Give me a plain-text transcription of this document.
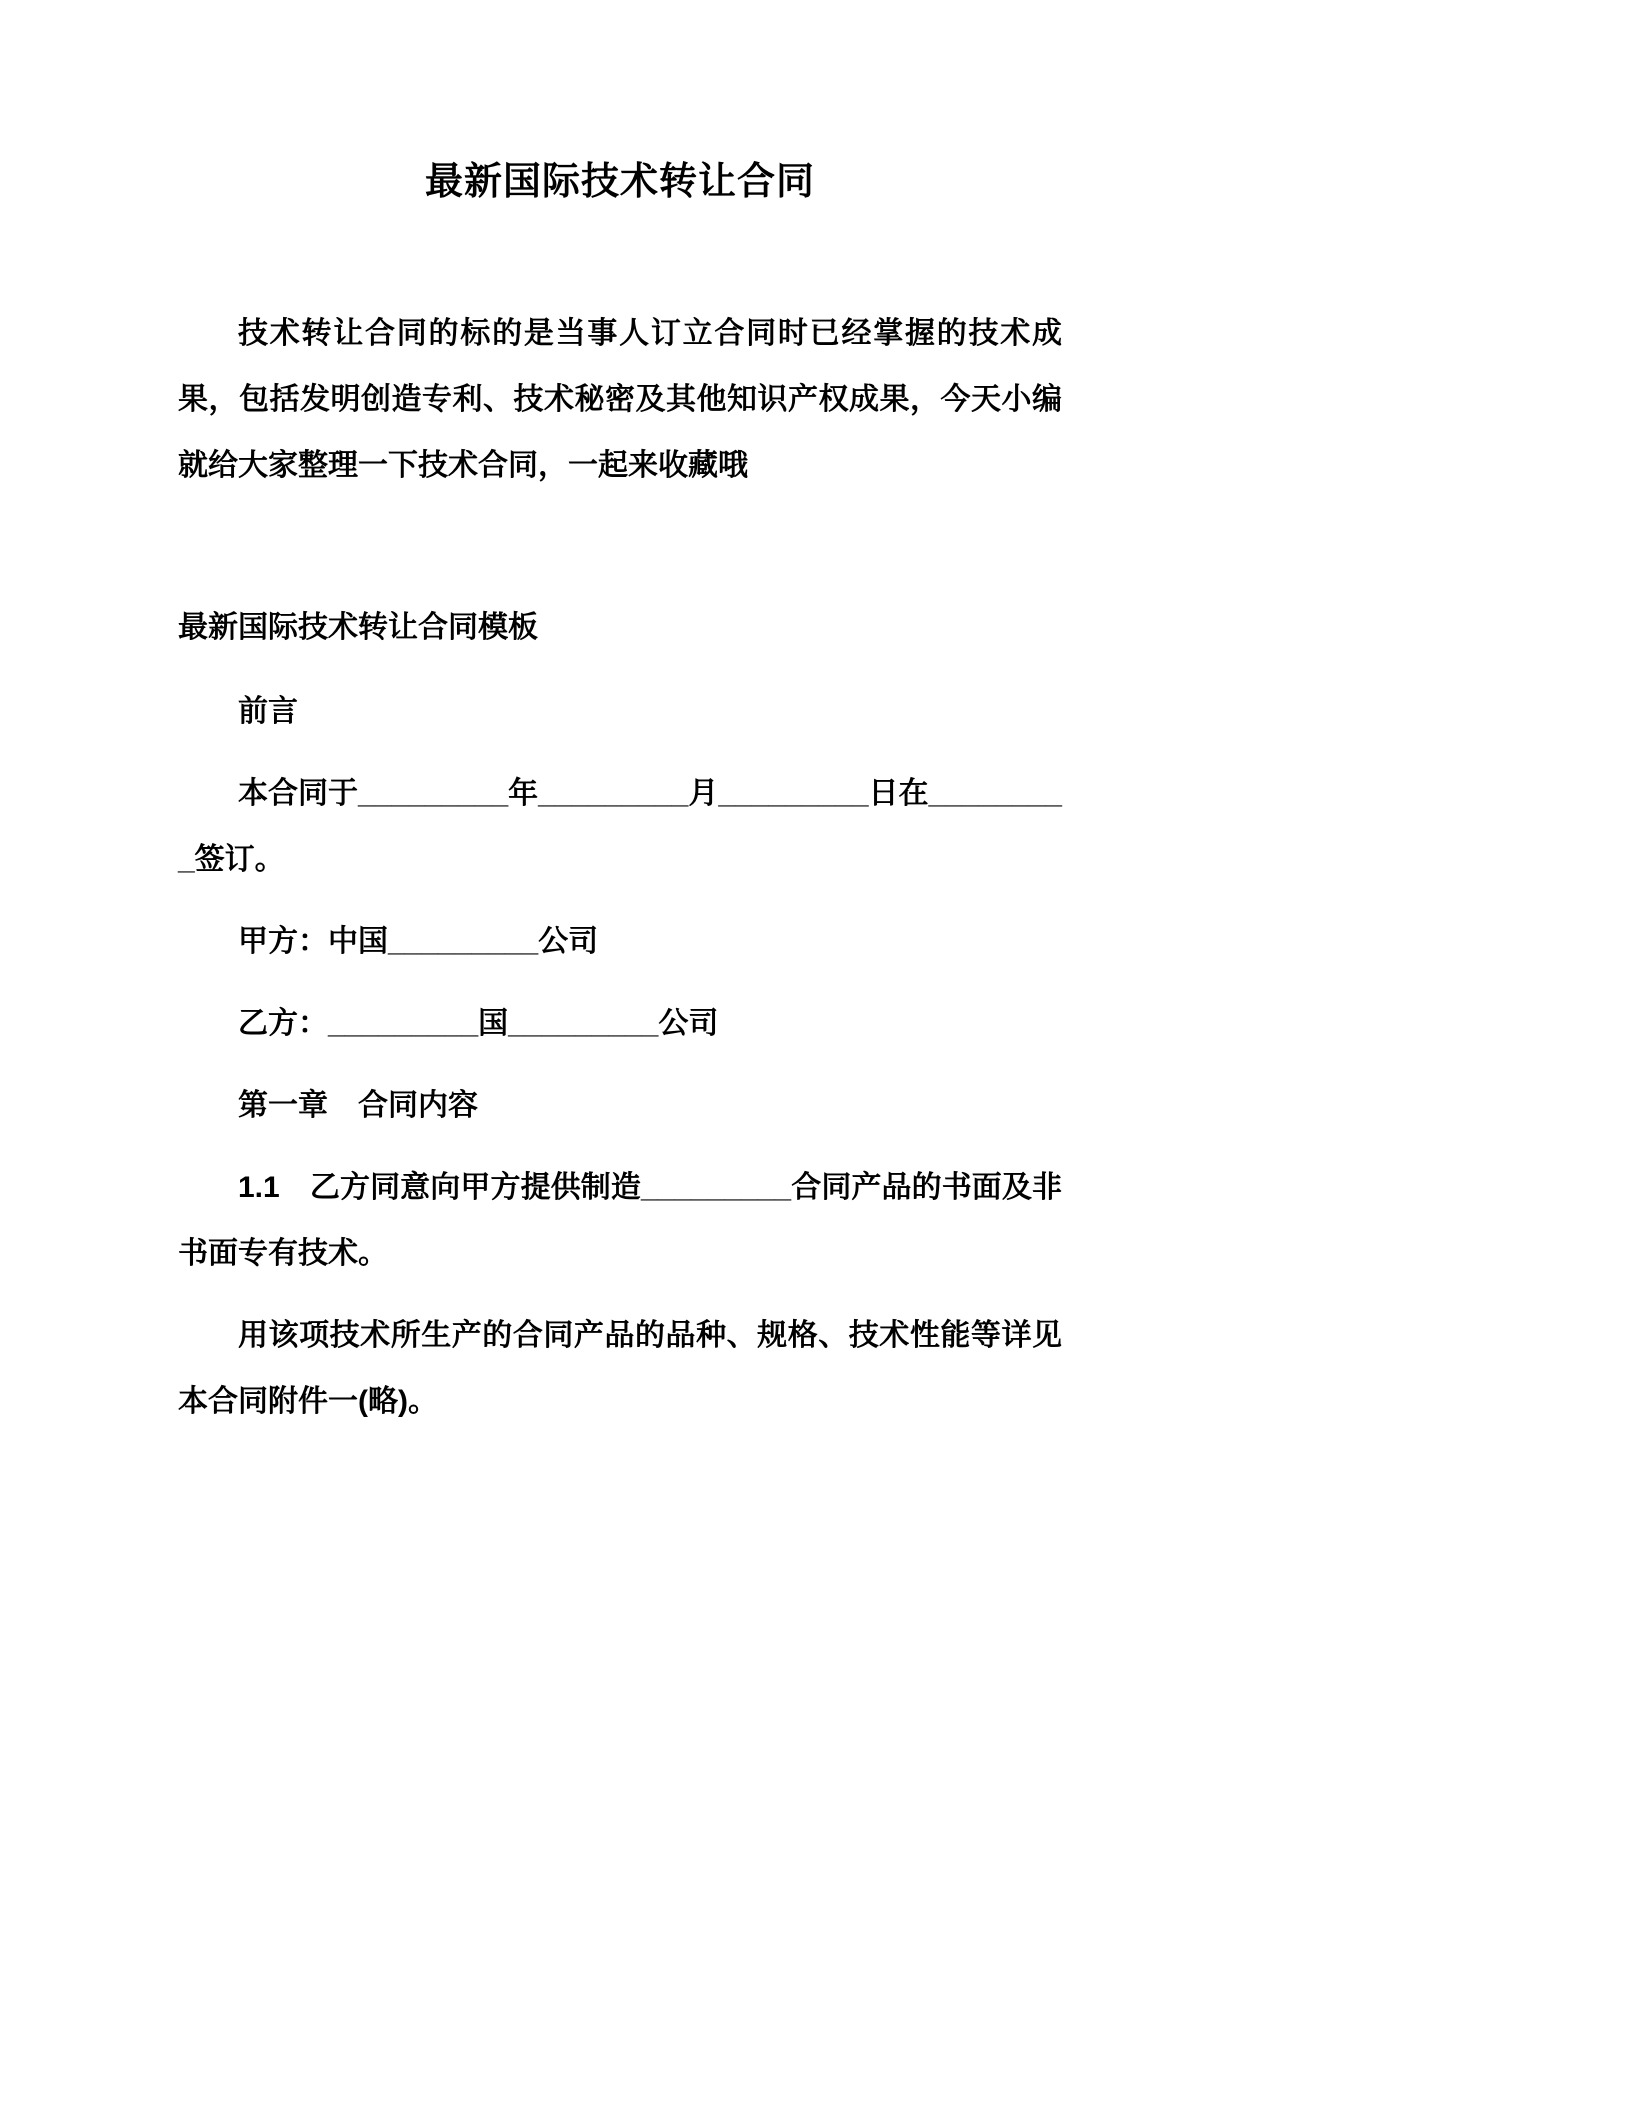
最新国际技术转让合同

技术转让合同的标的是当事人订立合同时已经掌握的技术成果，包括发明创造专利、技术秘密及其他知识产权成果，今天小编就给大家整理一下技术合同，一起来收藏哦

最新国际技术转让合同模板

前言

本合同于_________年_________月_________日在_________签订。

甲方：中国_________公司

乙方：_________国_________公司

第一章　合同内容

1.1　乙方同意向甲方提供制造_________合同产品的书面及非书面专有技术。

用该项技术所生产的合同产品的品种、规格、技术性能等详见本合同附件一(略)。
